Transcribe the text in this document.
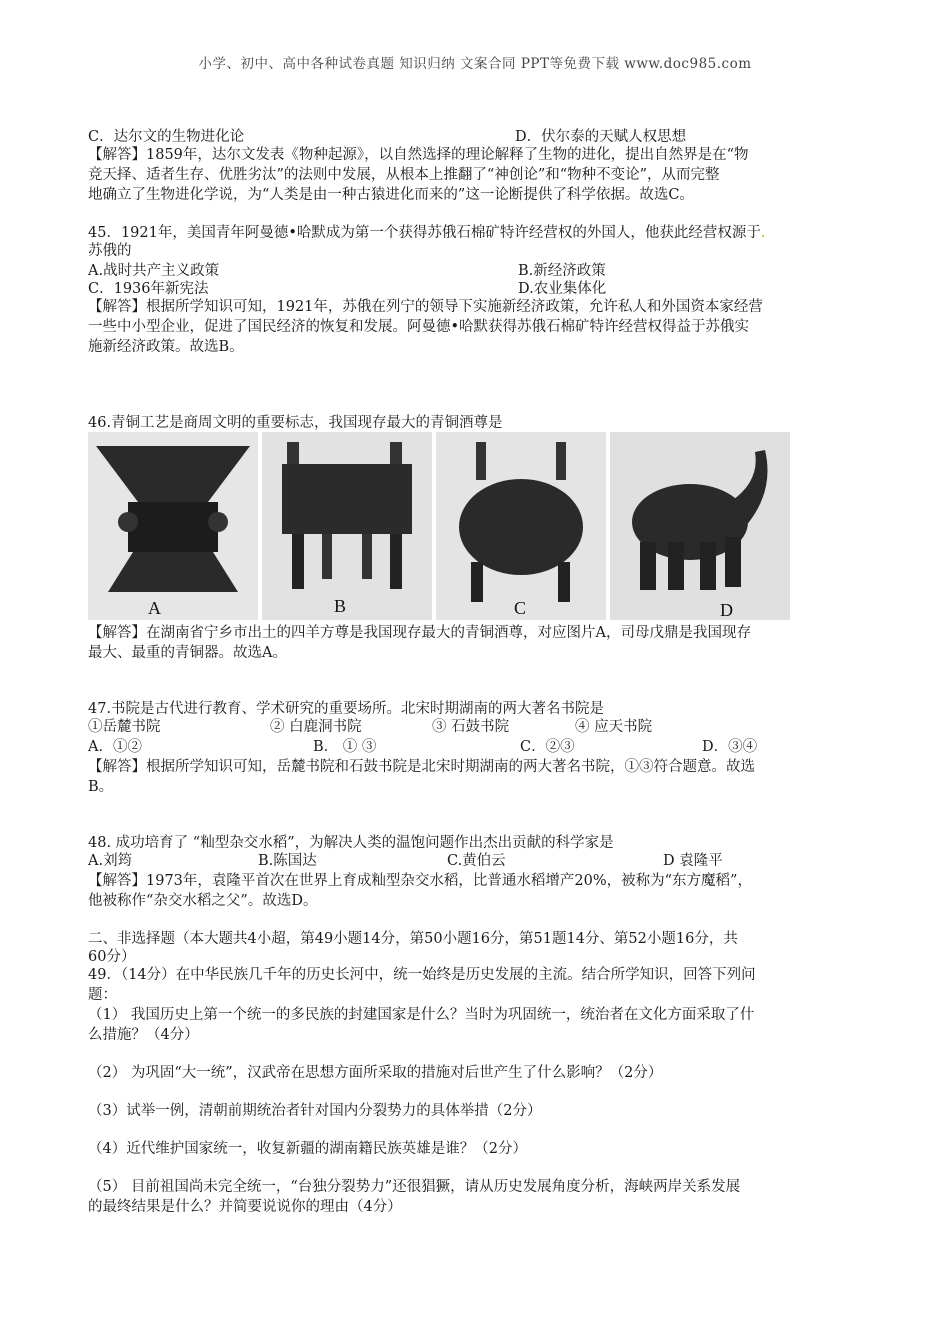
小学、初中、高中各种试卷真题 知识归纳 文案合同 PPT等免费下载 www.doc985.com
C．达尔文的生物进化论	D．伏尔泰的天赋人权思想
【解答】1859年，达尔文发表《物种起源》，以自然选择的理论解释了生物的进化，提出自然界是在“物
竞天择、适者生存、优胜劣汰”的法则中发展，从根本上推翻了“神创论”和“物种不变论”，从而完整
地确立了生物进化学说，为“人类是由一种古猿进化而来的”这一论断提供了科学依据。故选C。
45．1921年，美国青年阿曼德•哈默成为第一个获得苏俄石棉矿特许经营权的外国人，他获此经营权源于.
苏俄的
A.战时共产主义政策	B.新经济政策
C．1936年新宪法	D.农业集体化
【解答】根据所学知识可知，1921年，苏俄在列宁的领导下实施新经济政策，允许私人和外国资本家经营
一些中小型企业，促进了国民经济的恢复和发展。阿曼德•哈默获得苏俄石棉矿特许经营权得益于苏俄实
施新经济政策。故选B。
46.青铜工艺是商周文明的重要标志，我国现存最大的青铜酒尊是
A	B	C	D
【解答】在湖南省宁乡市出土的四羊方尊是我国现存最大的青铜酒尊，对应图片A，司母戊鼎是我国现存
最大、最重的青铜器。故选A。
47.书院是古代进行教育、学术研究的重要场所。北宋时期湖南的两大著名书院是
①岳麓书院	② 白鹿洞书院	③ 石鼓书院	④ 应天书院
A．①②	B． ① ③	C．②③	D．③④
【解答】根据所学知识可知，岳麓书院和石鼓书院是北宋时期湖南的两大著名书院，①③符合题意。故选
B。
48. 成功培育了 “籼型杂交水稻”，为解决人类的温饱问题作出杰出贡献的科学家是
A.刘筠	B.陈国达	C.黄伯云	D 袁隆平
【解答】1973年，袁隆平首次在世界上育成籼型杂交水稻，比普通水稻增产20%，被称为“东方魔稻”，
他被称作“杂交水稻之父”。故选D。
二、非选择题（本大题共4小超，第49小题14分，第50小题16分，第51题14分、第52小题16分，共
60分）
49．（14分）在中华民族几千年的历史长河中，统一始终是历史发展的主流。结合所学知识，回答下列问
题：
（1） 我国历史上第一个统一的多民族的封建国家是什么？当时为巩固统一，统治者在文化方面采取了什
么措施？（4分）
（2） 为巩固“大一统”，汉武帝在思想方面所采取的措施对后世产生了什么影响？（2分）
（3）试举一例，清朝前期统治者针对国内分裂势力的具体举措（2分）
（4）近代维护国家统一，收复新疆的湖南籍民族英雄是谁？（2分）
（5） 目前祖国尚未完全统一，“台独分裂势力”还很猖獗，请从历史发展角度分析，海峡两岸关系发展
的最终结果是什么？并简要说说你的理由（4分）
